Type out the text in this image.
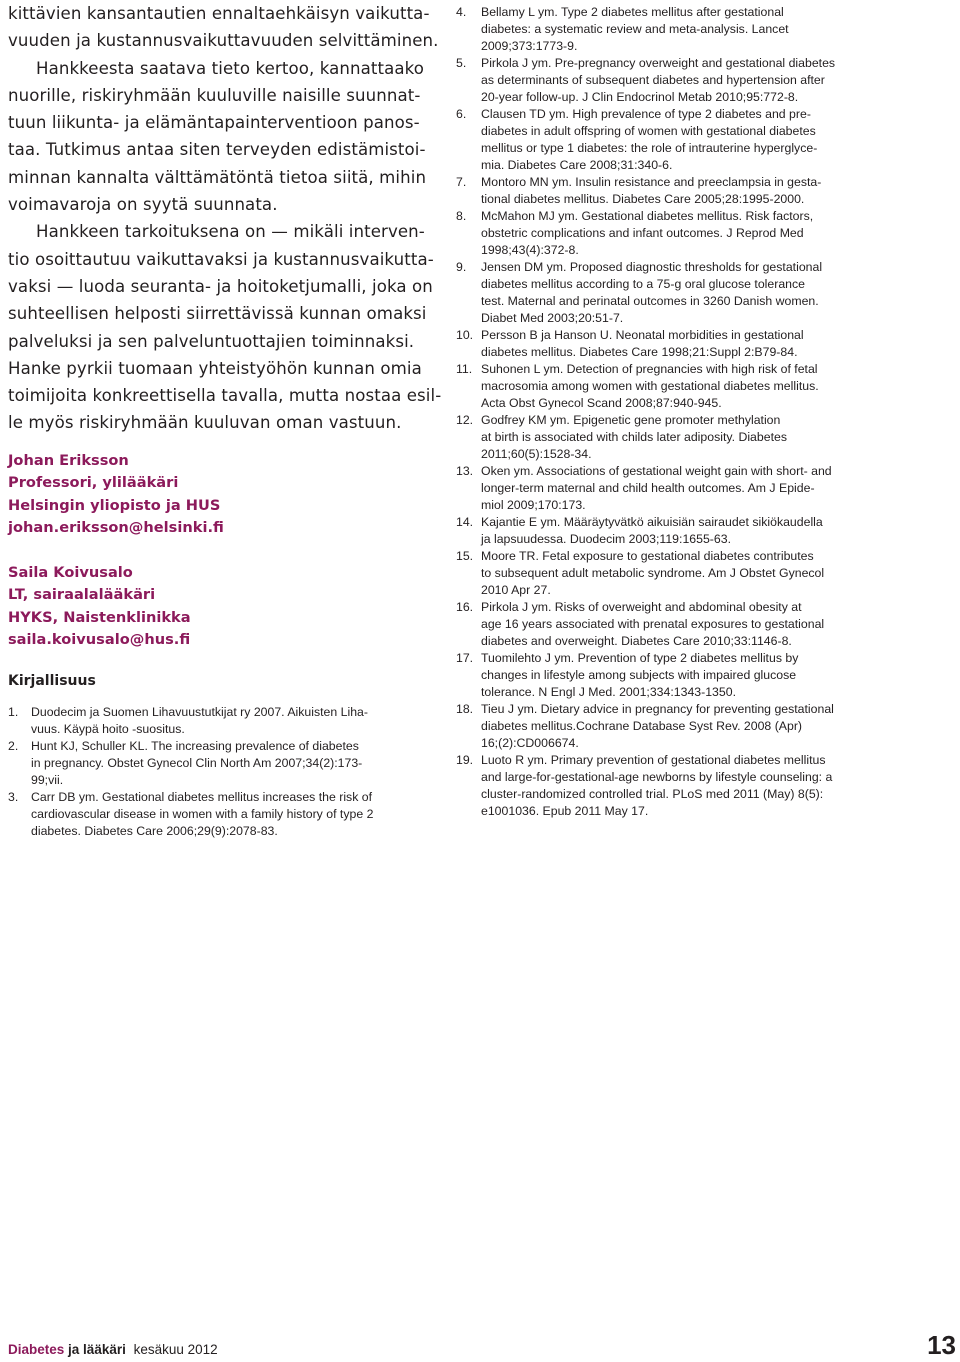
kittävien kansantautien ennaltaehkäisyn vaikutta-
vuuden ja kustannusvaikuttavuuden selvittäminen.
Hankkeesta saatava tieto kertoo, kannattaako
nuorille, riskiryhmään kuuluville naisille suunnat-
tuun liikunta- ja elämäntapainterventioon panos-
taa. Tutkimus antaa siten terveyden edistämistoi-
minnan kannalta välttämätöntä tietoa siitä, mihin
voimavaroja on syytä suunnata.
Hankkeen tarkoituksena on — mikäli interven-
tio osoittautuu vaikuttavaksi ja kustannusvaikutta-
vaksi — luoda seuranta- ja hoitoketjumalli, joka on
suhteellisen helposti siirrettävissä kunnan omaksi
palveluksi ja sen palveluntuottajien toiminnaksi.
Hanke pyrkii tuomaan yhteistyöhön kunnan omia
toimijoita konkreettisella tavalla, mutta nostaa esil-
le myös riskiryhmään kuuluvan oman vastuun.

Johan Eriksson
Professori, ylilääkäri
Helsingin yliopisto ja HUS
johan.eriksson@helsinki.fi
Saila Koivusalo
LT, sairaalalääkäri
HYKS, Naistenklinikka
saila.koivusalo@hus.fi
Kirjallisuus
1. Duodecim ja Suomen Lihavuustutkijat ry 2007. Aikuisten Liha-
vuus. Käypä hoito -suositus.
2. Hunt KJ, Schuller KL. The increasing prevalence of diabetes
in pregnancy. Obstet Gynecol Clin North Am 2007;34(2):173-
99;vii.
3. Carr DB ym. Gestational diabetes mellitus increases the risk of
cardiovascular disease in women with a family history of type 2
diabetes. Diabetes Care 2006;29(9):2078-83.
4. Bellamy L ym. Type 2 diabetes mellitus after gestational
diabetes: a systematic review and meta-analysis. Lancet
2009;373:1773-9.
5. Pirkola J ym. Pre-pregnancy overweight and gestational diabetes
as determinants of subsequent diabetes and hypertension after
20-year follow-up. J Clin Endocrinol Metab 2010;95:772-8.
6. Clausen TD ym. High prevalence of type 2 diabetes and pre-
diabetes in adult offspring of women with gestational diabetes
mellitus or type 1 diabetes: the role of intrauterine hyperglyce-
mia. Diabetes Care 2008;31:340-6.
7. Montoro MN ym. Insulin resistance and preeclampsia in gesta-
tional diabetes mellitus. Diabetes Care 2005;28:1995-2000.
8. McMahon MJ ym. Gestational diabetes mellitus. Risk factors,
obstetric complications and infant outcomes. J Reprod Med
1998;43(4):372-8.
9. Jensen DM ym. Proposed diagnostic thresholds for gestational
diabetes mellitus according to a 75-g oral glucose tolerance
test. Maternal and perinatal outcomes in 3260 Danish women.
Diabet Med 2003;20:51-7.
10. Persson B ja Hanson U. Neonatal morbidities in gestational
diabetes mellitus. Diabetes Care 1998;21:Suppl 2:B79-84.
11. Suhonen L ym. Detection of pregnancies with high risk of fetal
macrosomia among women with gestational diabetes mellitus.
Acta Obst Gynecol Scand 2008;87:940-945.
12. Godfrey KM ym. Epigenetic gene promoter methylation
at birth is associated with childs later adiposity. Diabetes
2011;60(5):1528-34.
13. Oken ym. Associations of gestational weight gain with short- and
longer-term maternal and child health outcomes. Am J Epide-
miol 2009;170:173.
14. Kajantie E ym. Määräytyvätkö aikuisiän sairaudet sikiökaudella
ja lapsuudessa. Duodecim 2003;119:1655-63.
15. Moore TR. Fetal exposure to gestational diabetes contributes
to subsequent adult metabolic syndrome. Am J Obstet Gynecol
2010 Apr 27.
16. Pirkola J ym. Risks of overweight and abdominal obesity at
age 16 years associated with prenatal exposures to gestational
diabetes and overweight. Diabetes Care 2010;33:1146-8.
17. Tuomilehto J ym. Prevention of type 2 diabetes mellitus by
changes in lifestyle among subjects with impaired glucose
tolerance. N Engl J Med. 2001;334:1343-1350.
18. Tieu J ym. Dietary advice in pregnancy for preventing gestational
diabetes mellitus.Cochrane Database Syst Rev. 2008 (Apr)
16;(2):CD006674.
19. Luoto R ym. Primary prevention of gestational diabetes mellitus
and large-for-gestational-age newborns by lifestyle counseling: a
cluster-randomized controlled trial. PLoS med 2011 (May) 8(5):
e1001036. Epub 2011 May 17.
Diabetes ja lääkäri kesäkuu 2012	13
